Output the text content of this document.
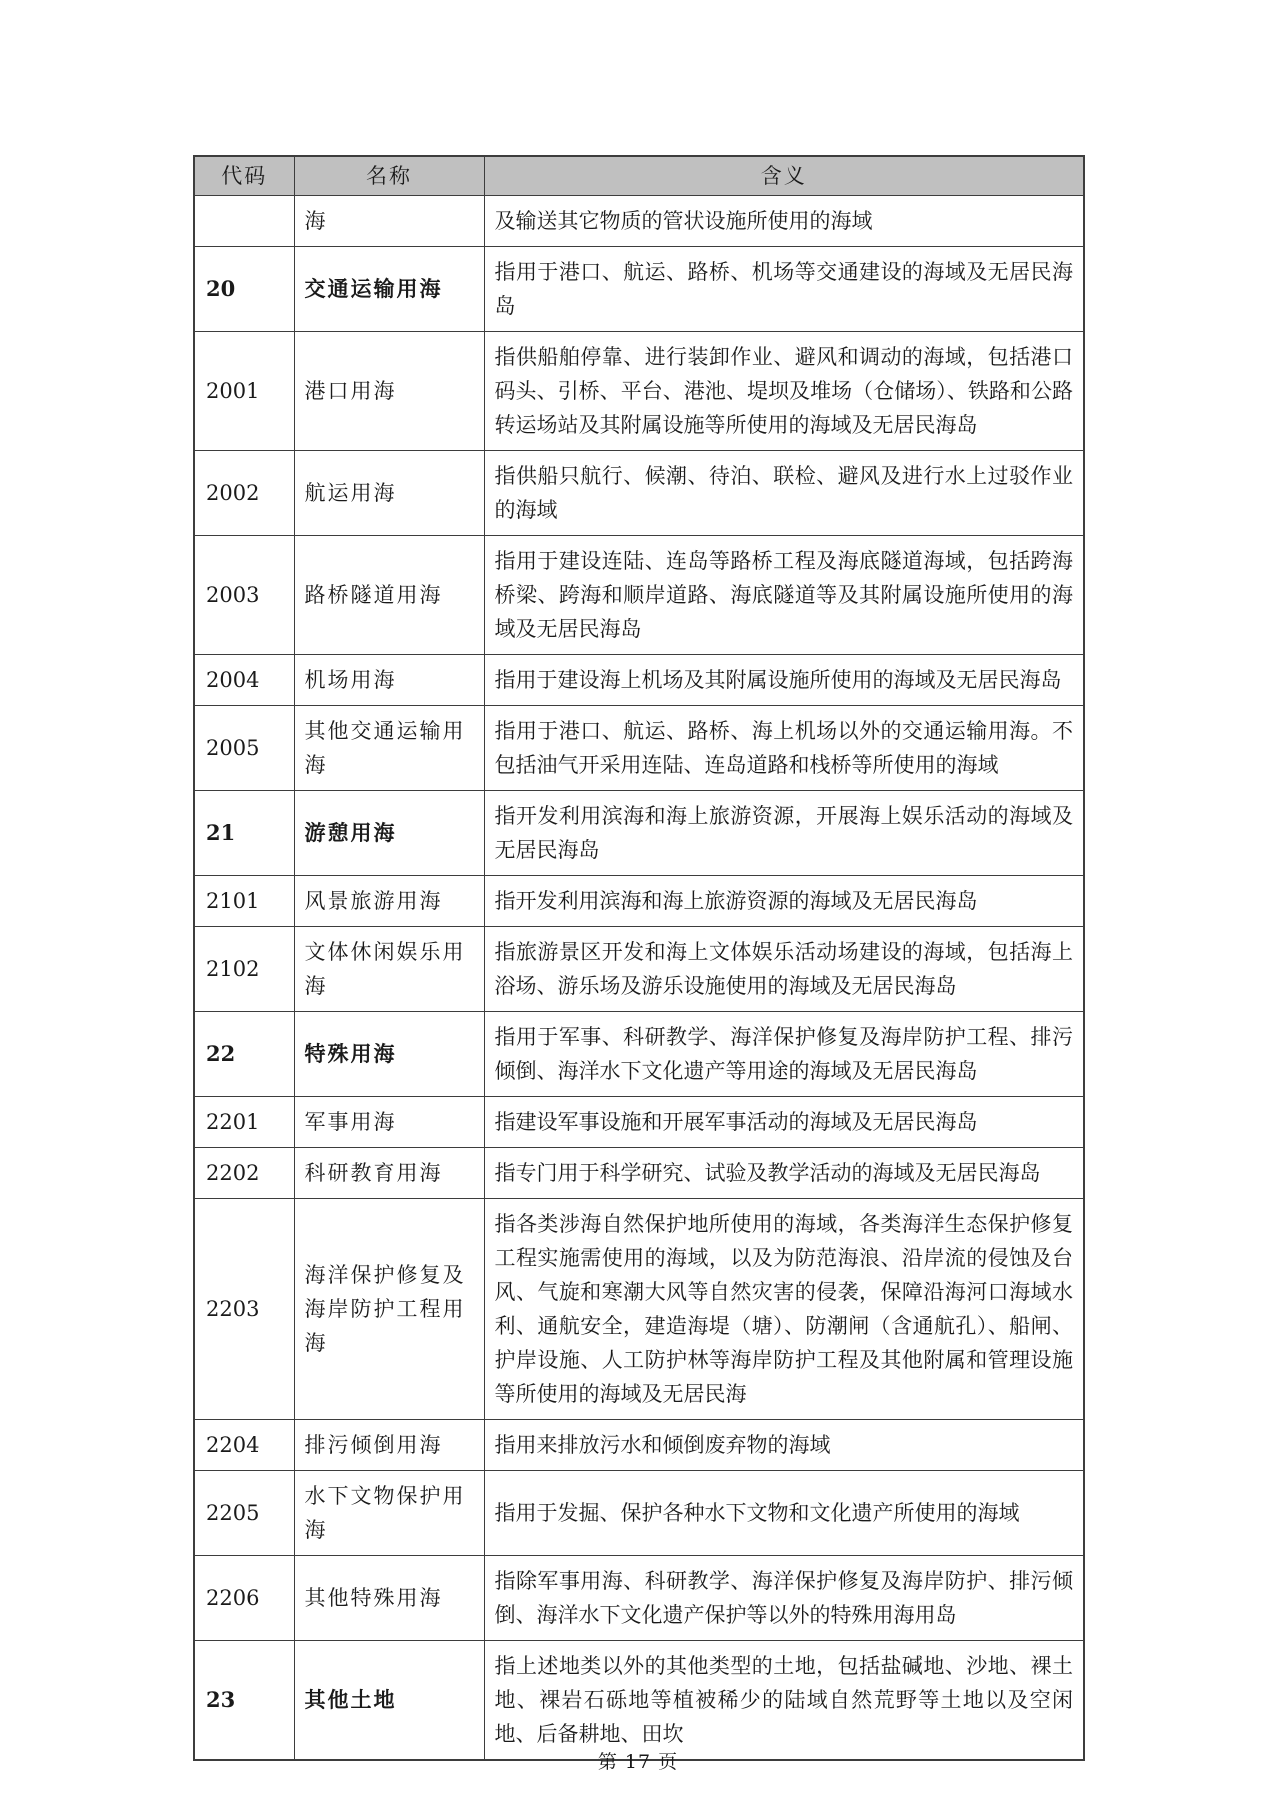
代码	名称	含义
	海	及输送其它物质的管状设施所使用的海域
20	交通运输用海	指用于港口、航运、路桥、机场等交通建设的海域及无居民海岛
2001	港口用海	指供船舶停靠、进行装卸作业、避风和调动的海域，包括港口码头、引桥、平台、港池、堤坝及堆场（仓储场）、铁路和公路转运场站及其附属设施等所使用的海域及无居民海岛
2002	航运用海	指供船只航行、候潮、待泊、联检、避风及进行水上过驳作业的海域
2003	路桥隧道用海	指用于建设连陆、连岛等路桥工程及海底隧道海域，包括跨海桥梁、跨海和顺岸道路、海底隧道等及其附属设施所使用的海域及无居民海岛
2004	机场用海	指用于建设海上机场及其附属设施所使用的海域及无居民海岛
2005	其他交通运输用海	指用于港口、航运、路桥、海上机场以外的交通运输用海。不包括油气开采用连陆、连岛道路和栈桥等所使用的海域
21	游憩用海	指开发利用滨海和海上旅游资源，开展海上娱乐活动的海域及无居民海岛
2101	风景旅游用海	指开发利用滨海和海上旅游资源的海域及无居民海岛
2102	文体休闲娱乐用海	指旅游景区开发和海上文体娱乐活动场建设的海域，包括海上浴场、游乐场及游乐设施使用的海域及无居民海岛
22	特殊用海	指用于军事、科研教学、海洋保护修复及海岸防护工程、排污倾倒、海洋水下文化遗产等用途的海域及无居民海岛
2201	军事用海	指建设军事设施和开展军事活动的海域及无居民海岛
2202	科研教育用海	指专门用于科学研究、试验及教学活动的海域及无居民海岛
2203	海洋保护修复及海岸防护工程用海	指各类涉海自然保护地所使用的海域，各类海洋生态保护修复工程实施需使用的海域，以及为防范海浪、沿岸流的侵蚀及台风、气旋和寒潮大风等自然灾害的侵袭，保障沿海河口海域水利、通航安全，建造海堤（塘）、防潮闸（含通航孔）、船闸、护岸设施、人工防护林等海岸防护工程及其他附属和管理设施等所使用的海域及无居民海
2204	排污倾倒用海	指用来排放污水和倾倒废弃物的海域
2205	水下文物保护用海	指用于发掘、保护各种水下文物和文化遗产所使用的海域
2206	其他特殊用海	指除军事用海、科研教学、海洋保护修复及海岸防护、排污倾倒、海洋水下文化遗产保护等以外的特殊用海用岛
23	其他土地	指上述地类以外的其他类型的土地，包括盐碱地、沙地、裸土地、裸岩石砾地等植被稀少的陆域自然荒野等土地以及空闲地、后备耕地、田坎
第 17 页
